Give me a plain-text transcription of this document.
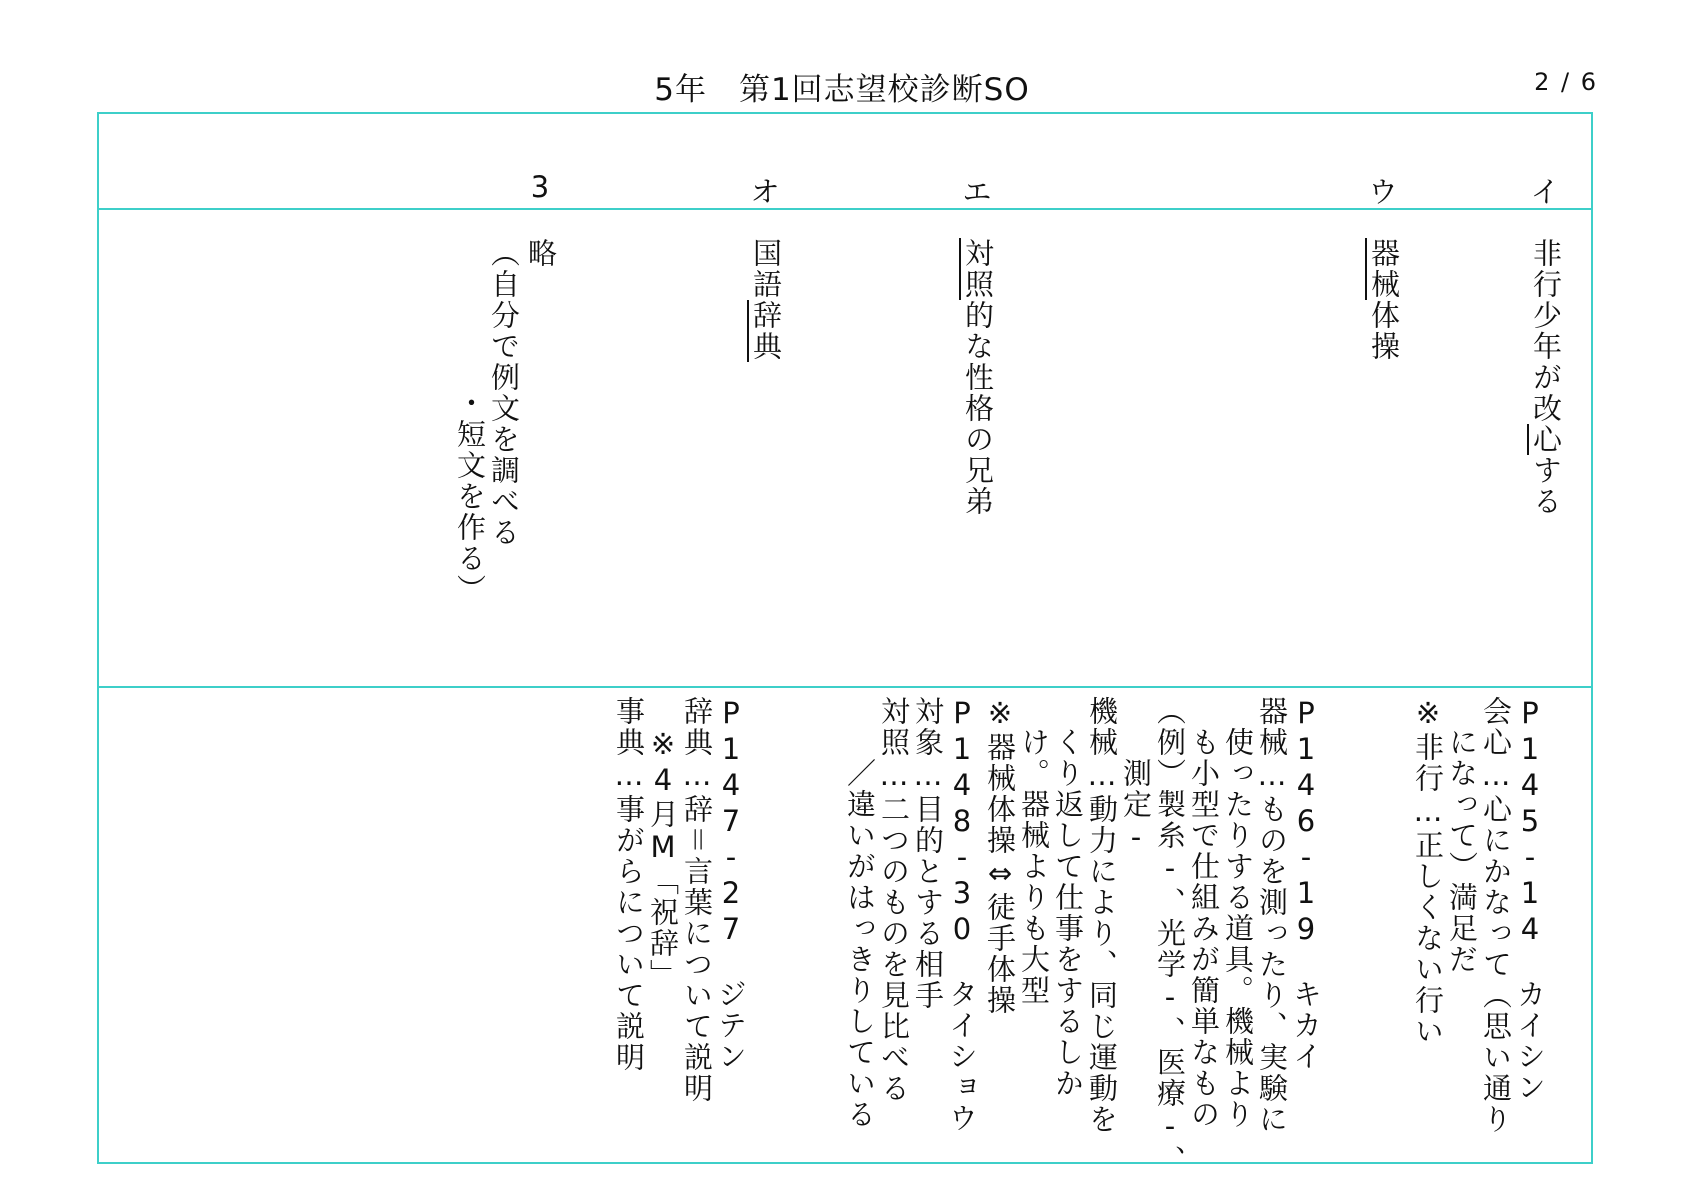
5年　第1回志望校診断SO	2 / 6
イ
ウ
エ
オ
3
非行少年が改心する
器械体操
対照的な性格の兄弟
国語辞典
略
（自分で例文を調べる
・短文を作る）
P145-14　カイシン
会心…心にかなって（思い通り
　になって）満足だ
※非行…正しくない行い
P146-19　キカイ
器械…ものを測ったり、実験に
　使ったりする道具。機械より
　も小型で仕組みが簡単なもの
（例）製糸-、光学-、医療-、
　　測定-
機械…動力により、同じ運動を
　くり返して仕事をするしか
　け。器械よりも大型
※器械体操⇔徒手体操
P148-30　タイショウ
対象…目的とする相手
対照…二つのものを見比べる
　　／違いがはっきりしている
P147-27　ジテン
辞典…辞＝言葉について説明
　※4月M「祝辞」
事典…事がらについて説明
